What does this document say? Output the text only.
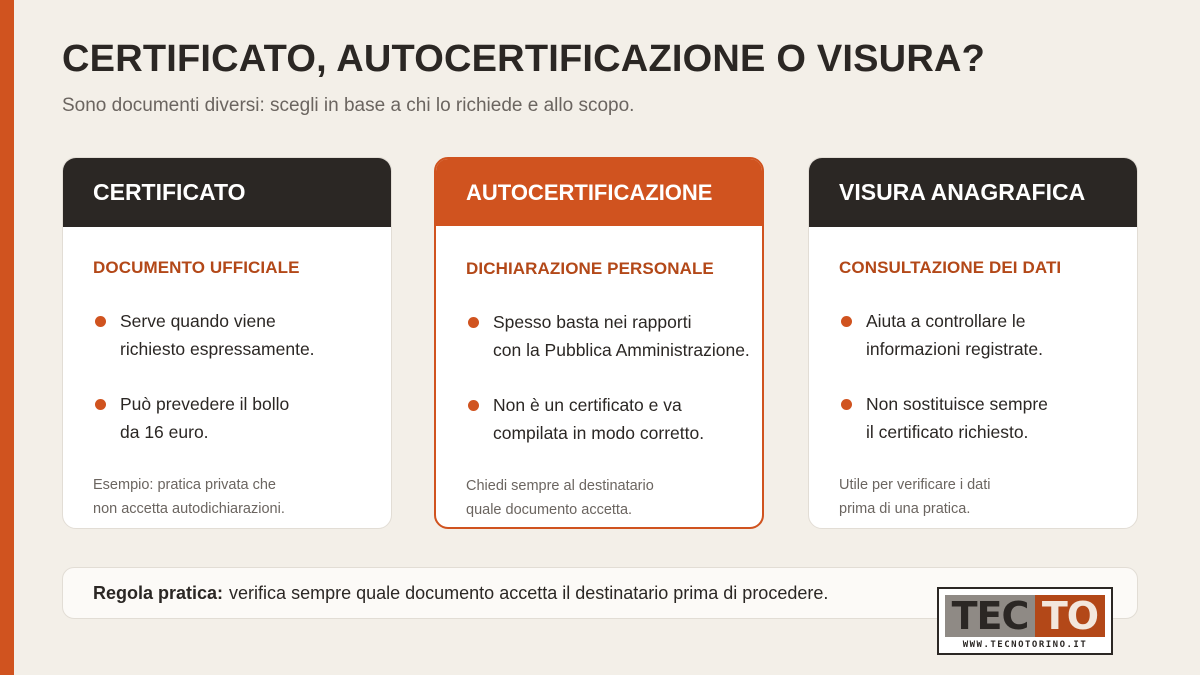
CERTIFICATO, AUTOCERTIFICAZIONE O VISURA?

Sono documenti diversi: scegli in base a chi lo richiede e allo scopo.

CERTIFICATO
DOCUMENTO UFFICIALE
Serve quando viene
richiesto espressamente.
Può prevedere il bollo
da 16 euro.
Esempio: pratica privata che
non accetta autodichiarazioni.
AUTOCERTIFICAZIONE
DICHIARAZIONE PERSONALE
Spesso basta nei rapporti
con la Pubblica Amministrazione.
Non è un certificato e va
compilata in modo corretto.
Chiedi sempre al destinatario
quale documento accetta.
VISURA ANAGRAFICA
CONSULTAZIONE DEI DATI
Aiuta a controllare le
informazioni registrate.
Non sostituisce sempre
il certificato richiesto.
Utile per verificare i dati
prima di una pratica.
Regola pratica: verifica sempre quale documento accetta il destinatario prima di procedere.
TEC TO
WWW.TECNOTORINO.IT
